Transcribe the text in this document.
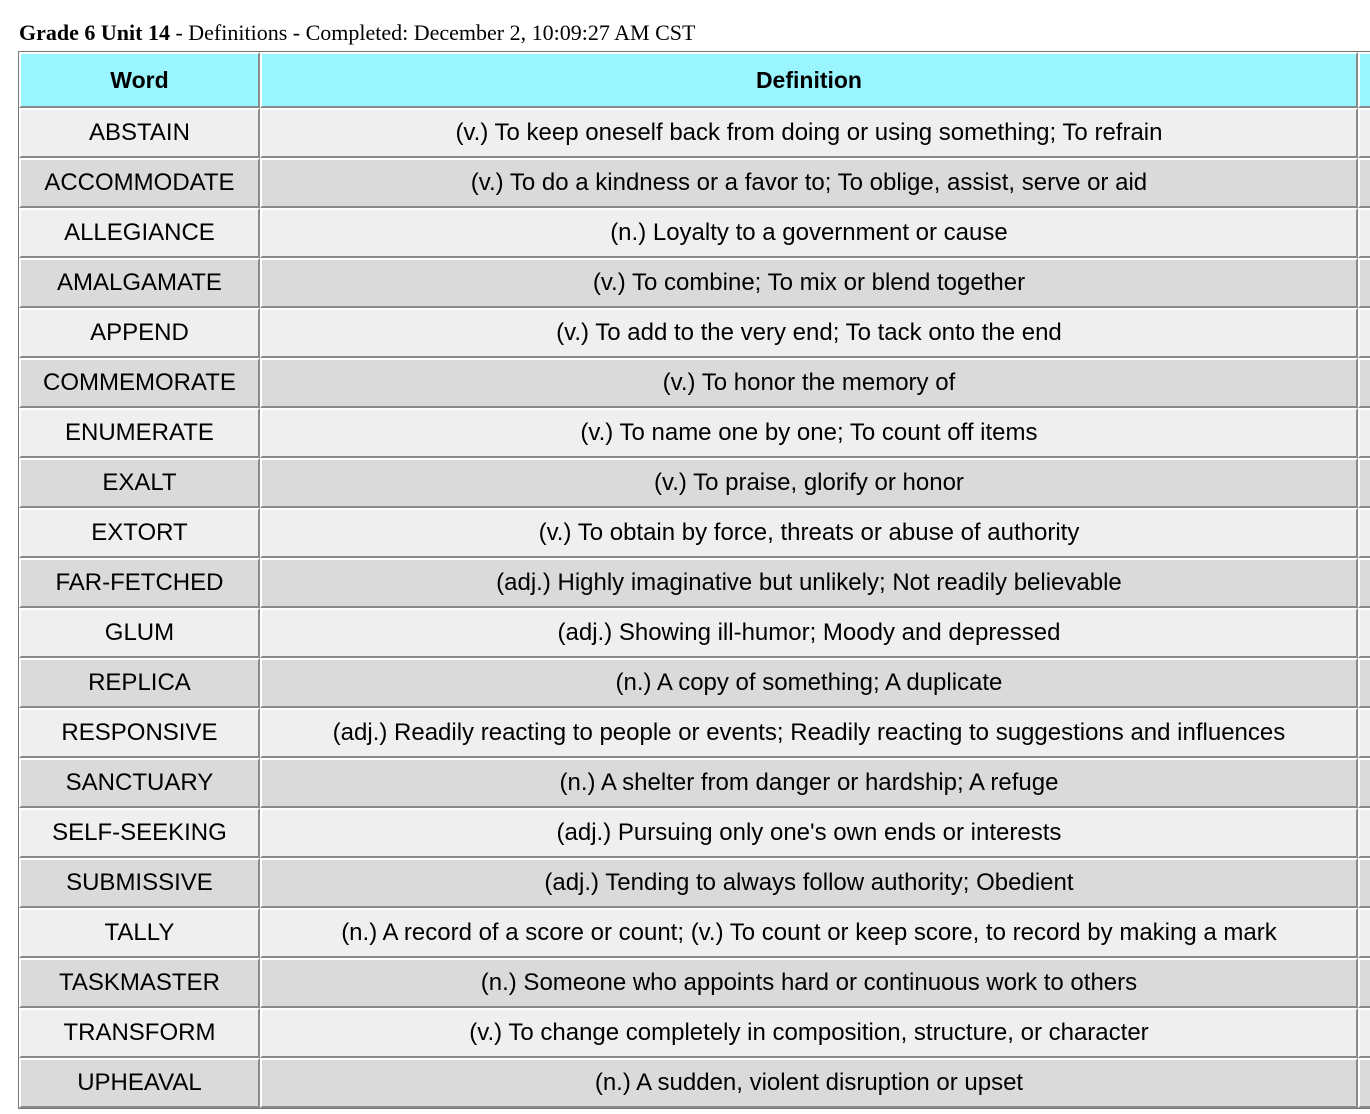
Grade 6 Unit 14 - Definitions - Completed: December 2, 10:09:27 AM CST
Word	Definition	
ABSTAIN	(v.) To keep oneself back from doing or using something; To refrain	
ACCOMMODATE	(v.) To do a kindness or a favor to; To oblige, assist, serve or aid	
ALLEGIANCE	(n.) Loyalty to a government or cause	
AMALGAMATE	(v.) To combine; To mix or blend together	
APPEND	(v.) To add to the very end; To tack onto the end	
COMMEMORATE	(v.) To honor the memory of	
ENUMERATE	(v.) To name one by one; To count off items	
EXALT	(v.) To praise, glorify or honor	
EXTORT	(v.) To obtain by force, threats or abuse of authority	
FAR-FETCHED	(adj.) Highly imaginative but unlikely; Not readily believable	
GLUM	(adj.) Showing ill-humor; Moody and depressed	
REPLICA	(n.) A copy of something; A duplicate	
RESPONSIVE	(adj.) Readily reacting to people or events; Readily reacting to suggestions and influences	
SANCTUARY	(n.) A shelter from danger or hardship; A refuge	
SELF-SEEKING	(adj.) Pursuing only one's own ends or interests	
SUBMISSIVE	(adj.) Tending to always follow authority; Obedient	
TALLY	(n.) A record of a score or count; (v.) To count or keep score, to record by making a mark	
TASKMASTER	(n.) Someone who appoints hard or continuous work to others	
TRANSFORM	(v.) To change completely in composition, structure, or character	
UPHEAVAL	(n.) A sudden, violent disruption or upset	
